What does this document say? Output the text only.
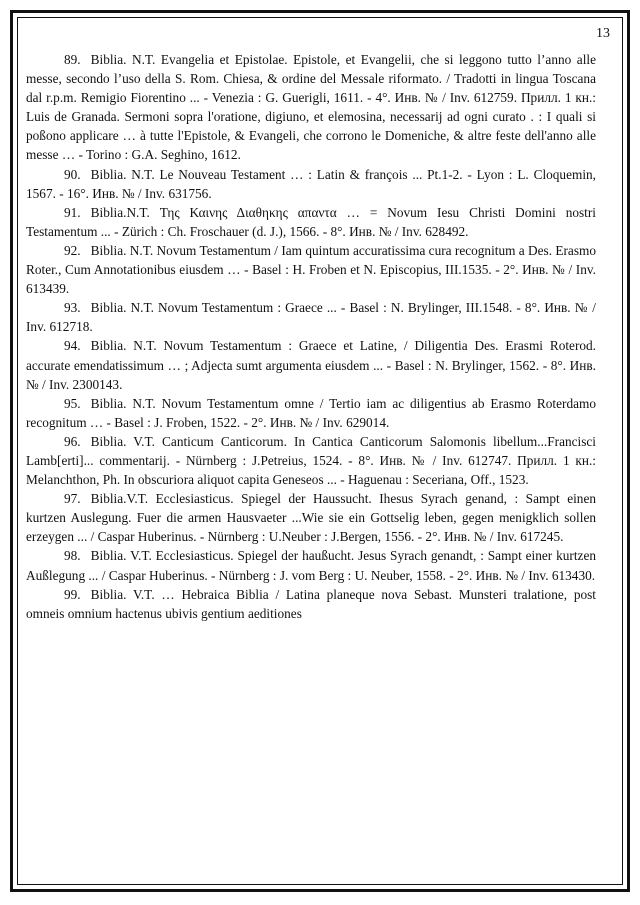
13

89. Biblia. N.T. Evangelia et Epistolae. Epistole, et Evangelii, che si leggono tutto l’anno alle messe, secondo l’uso della S. Rom. Chiesa, & ordine del Messale riformato. / Tradotti in lingua Toscana dal r.p.m. Remigio Fiorentino ... - Venezia : G. Guerigli, 1611. - 4°. Инв. № / Inv. 612759. Прилл. 1 кн.: Luis de Granada. Sermoni sopra l'oratione, digiuno, et elemosina, necessarij ad ogni curato . : I quali si poßono applicare … à tutte l'Epistole, & Evangeli, che corrono le Domeniche, & altre feste dell'anno alle messe … - Torino : G.A. Seghino, 1612.

90. Biblia. N.T. Le Nouveau Testament … : Latin & françois ... Pt.1-2. - Lyon : L. Cloquemin, 1567. - 16°. Инв. № / Inv. 631756.

91. Biblia.N.T. Της Καινης Διαθηκης απαντα … = Novum Iesu Christi Domini nostri Testamentum ... - Zürich : Ch. Froschauer (d. J.), 1566. - 8°. Инв. № / Inv. 628492.

92. Biblia. N.T. Novum Testamentum / Iam quintum accuratissima cura recognitum a Des. Erasmo Roter., Cum Annotationibus eiusdem … - Basel : H. Froben et N. Episcopius, III.1535. - 2°. Инв. № / Inv. 613439.

93. Biblia. N.T. Novum Testamentum : Graece ... - Basel : N. Brylinger, III.1548. - 8°. Инв. № / Inv. 612718.

94. Biblia. N.T. Novum Testamentum : Graece et Latine, / Diligentia Des. Erasmi Roterod. accurate emendatissimum … ; Adjecta sumt argumenta eiusdem ... - Basel : N. Brylinger, 1562. - 8°. Инв. № / Inv. 2300143.

95. Biblia. N.T. Novum Testamentum omne / Tertio iam ac diligentius ab Erasmo Roterdamo recognitum … - Basel : J. Froben, 1522. - 2°. Инв. № / Inv. 629014.

96. Biblia. V.T. Canticum Canticorum. In Cantica Canticorum Salomonis libellum...Francisci Lamb[erti]... commentarij. - Nürnberg : J.Petreius, 1524. - 8°. Инв. № / Inv. 612747. Прилл. 1 кн.: Melanchthon, Ph. In obscuriora aliquot capita Geneseos ... - Haguenau : Seceriana, Off., 1523.

97. Biblia.V.T. Ecclesiasticus. Spiegel der Haussucht. Ihesus Syrach genand, : Sampt einen kurtzen Auslegung. Fuer die armen Hausvaeter ...Wie sie ein Gottselig leben, gegen menigklich sollen erzeygen ... / Caspar Huberinus. - Nürnberg : U.Neuber : J.Bergen, 1556. - 2°. Инв. № / Inv. 617245.

98. Biblia. V.T. Ecclesiasticus. Spiegel der haußucht. Jesus Syrach genandt, : Sampt einer kurtzen Außlegung ... / Caspar Huberinus. - Nürnberg : J. vom Berg : U. Neuber, 1558. - 2°. Инв. № / Inv. 613430.

99. Biblia. V.T. … Hebraica Biblia / Latina planeque nova Sebast. Munsteri tralatione, post omneis omnium hactenus ubivis gentium aeditiones
